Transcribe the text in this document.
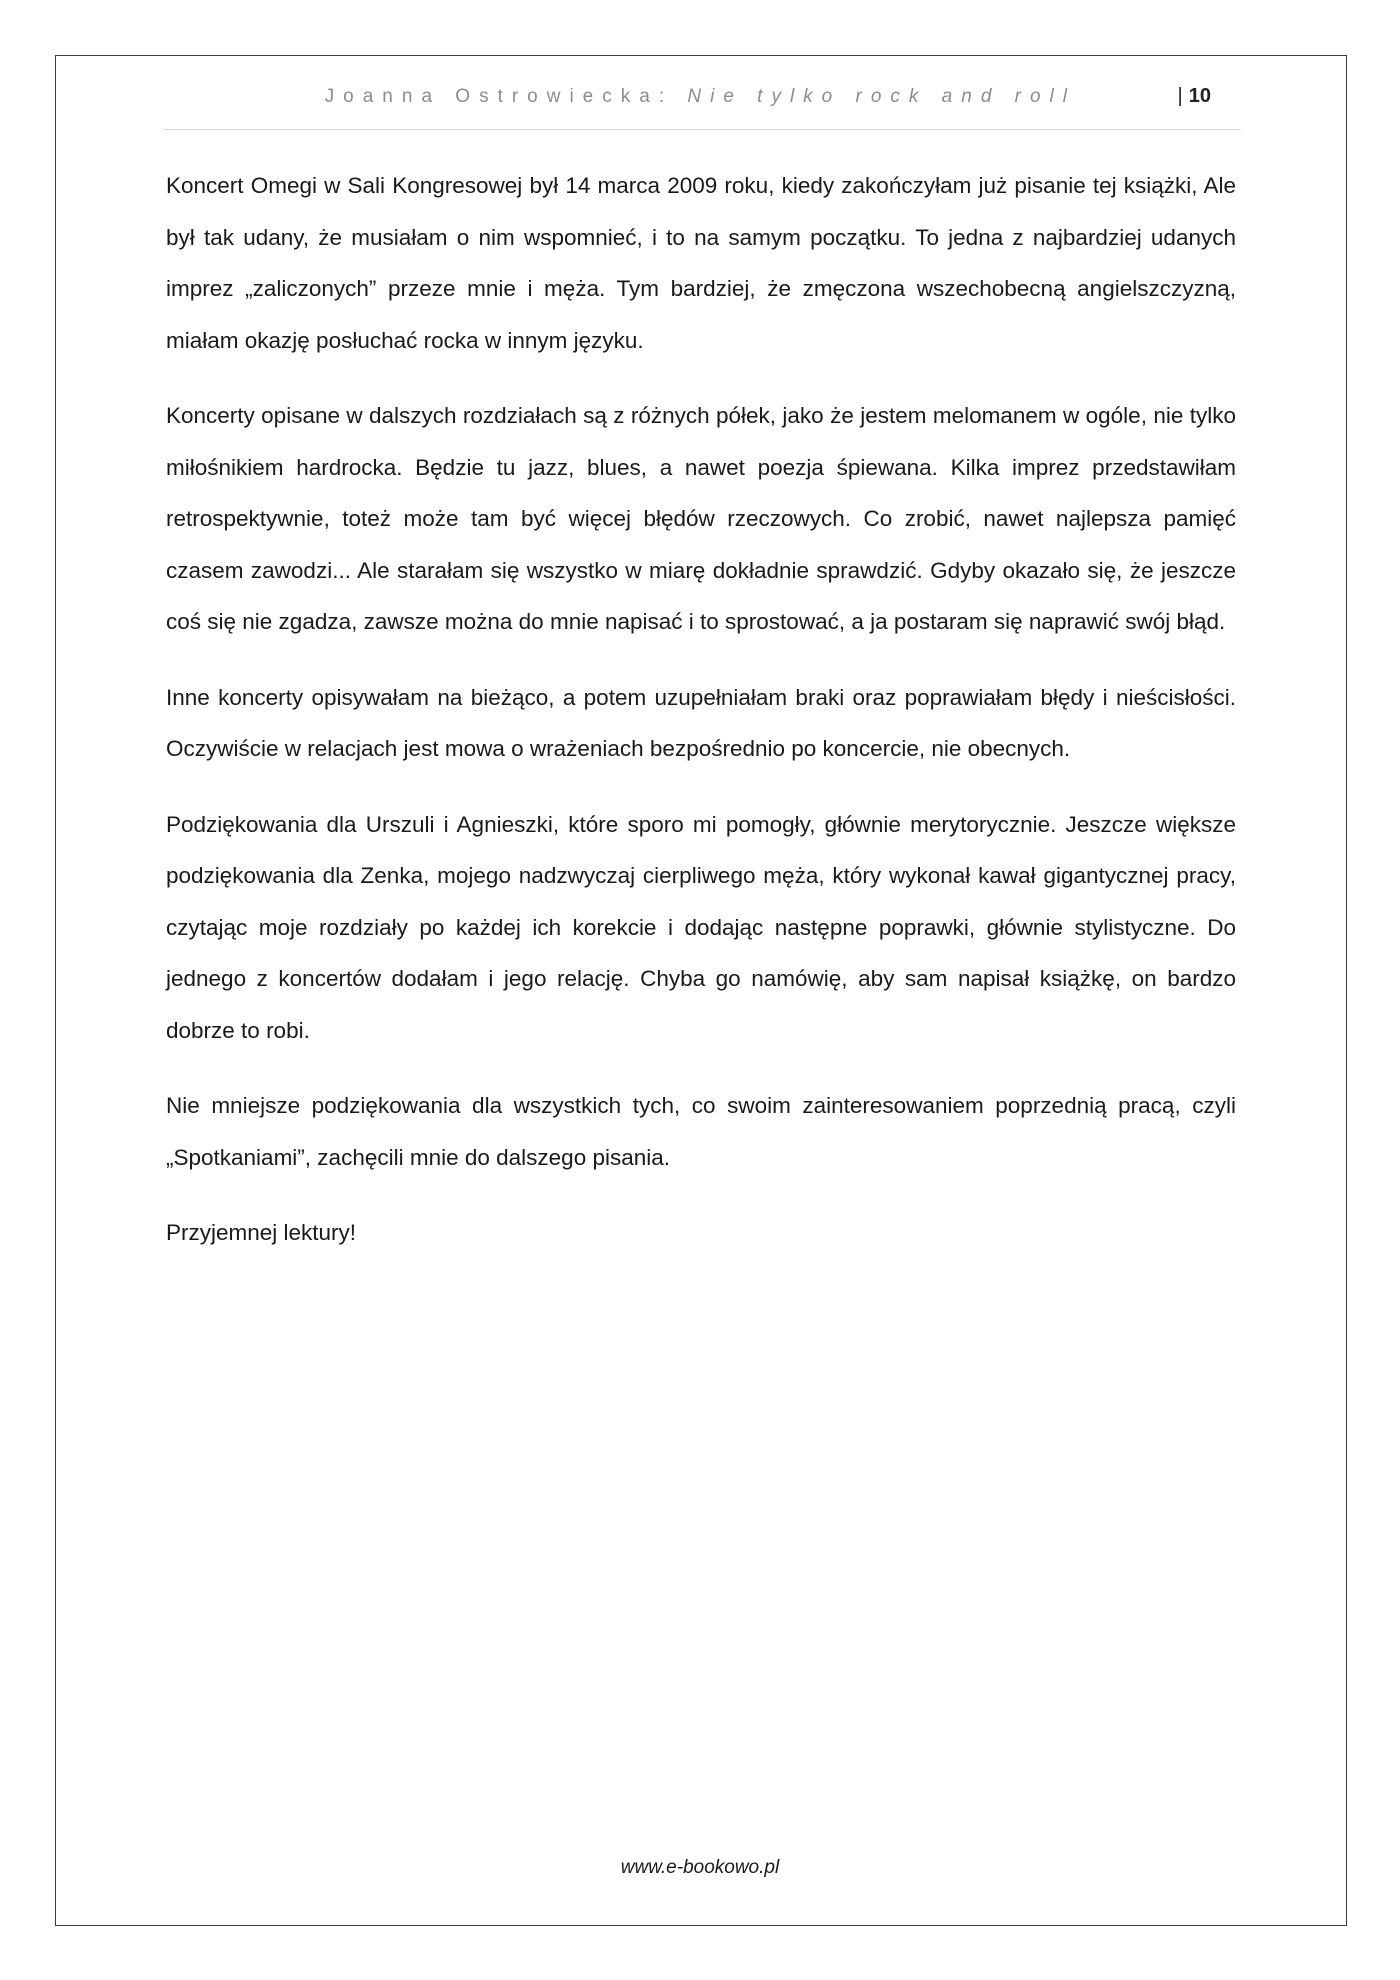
Joanna Ostrowiecka: Nie tylko rock and roll	| 10

Koncert Omegi w Sali Kongresowej był 14 marca 2009 roku, kiedy zakończyłam już pisanie tej książki, Ale był tak udany, że musiałam o nim wspomnieć, i to na samym początku. To jedna z najbardziej udanych imprez „zaliczonych” przeze mnie i męża. Tym bardziej, że zmęczona wszechobecną angielszczyzną, miałam okazję posłuchać rocka w innym języku.

Koncerty opisane w dalszych rozdziałach są z różnych półek, jako że jestem melomanem w ogóle, nie tylko miłośnikiem hardrocka. Będzie tu jazz, blues, a nawet poezja śpiewana. Kilka imprez przedstawiłam retrospektywnie, toteż może tam być więcej błędów rzeczowych. Co zrobić, nawet najlepsza pamięć czasem zawodzi... Ale starałam się wszystko w miarę dokładnie sprawdzić. Gdyby okazało się, że jeszcze coś się nie zgadza, zawsze można do mnie napisać i to sprostować, a ja postaram się naprawić swój błąd.

Inne koncerty opisywałam na bieżąco, a potem uzupełniałam braki oraz poprawiałam błędy i nieścisłości. Oczywiście w relacjach jest mowa o wrażeniach bezpośrednio po koncercie, nie obecnych.

Podziękowania dla Urszuli i Agnieszki, które sporo mi pomogły, głównie merytorycznie. Jeszcze większe podziękowania dla Zenka, mojego nadzwyczaj cierpliwego męża, który wykonał kawał gigantycznej pracy, czytając moje rozdziały po każdej ich korekcie i dodając następne poprawki, głównie stylistyczne. Do jednego z koncertów dodałam i jego relację. Chyba go namówię, aby sam napisał książkę, on bardzo dobrze to robi.

Nie mniejsze podziękowania dla wszystkich tych, co swoim zainteresowaniem poprzednią pracą, czyli „Spotkaniami”, zachęcili mnie do dalszego pisania.

Przyjemnej lektury!

www.e-bookowo.pl
